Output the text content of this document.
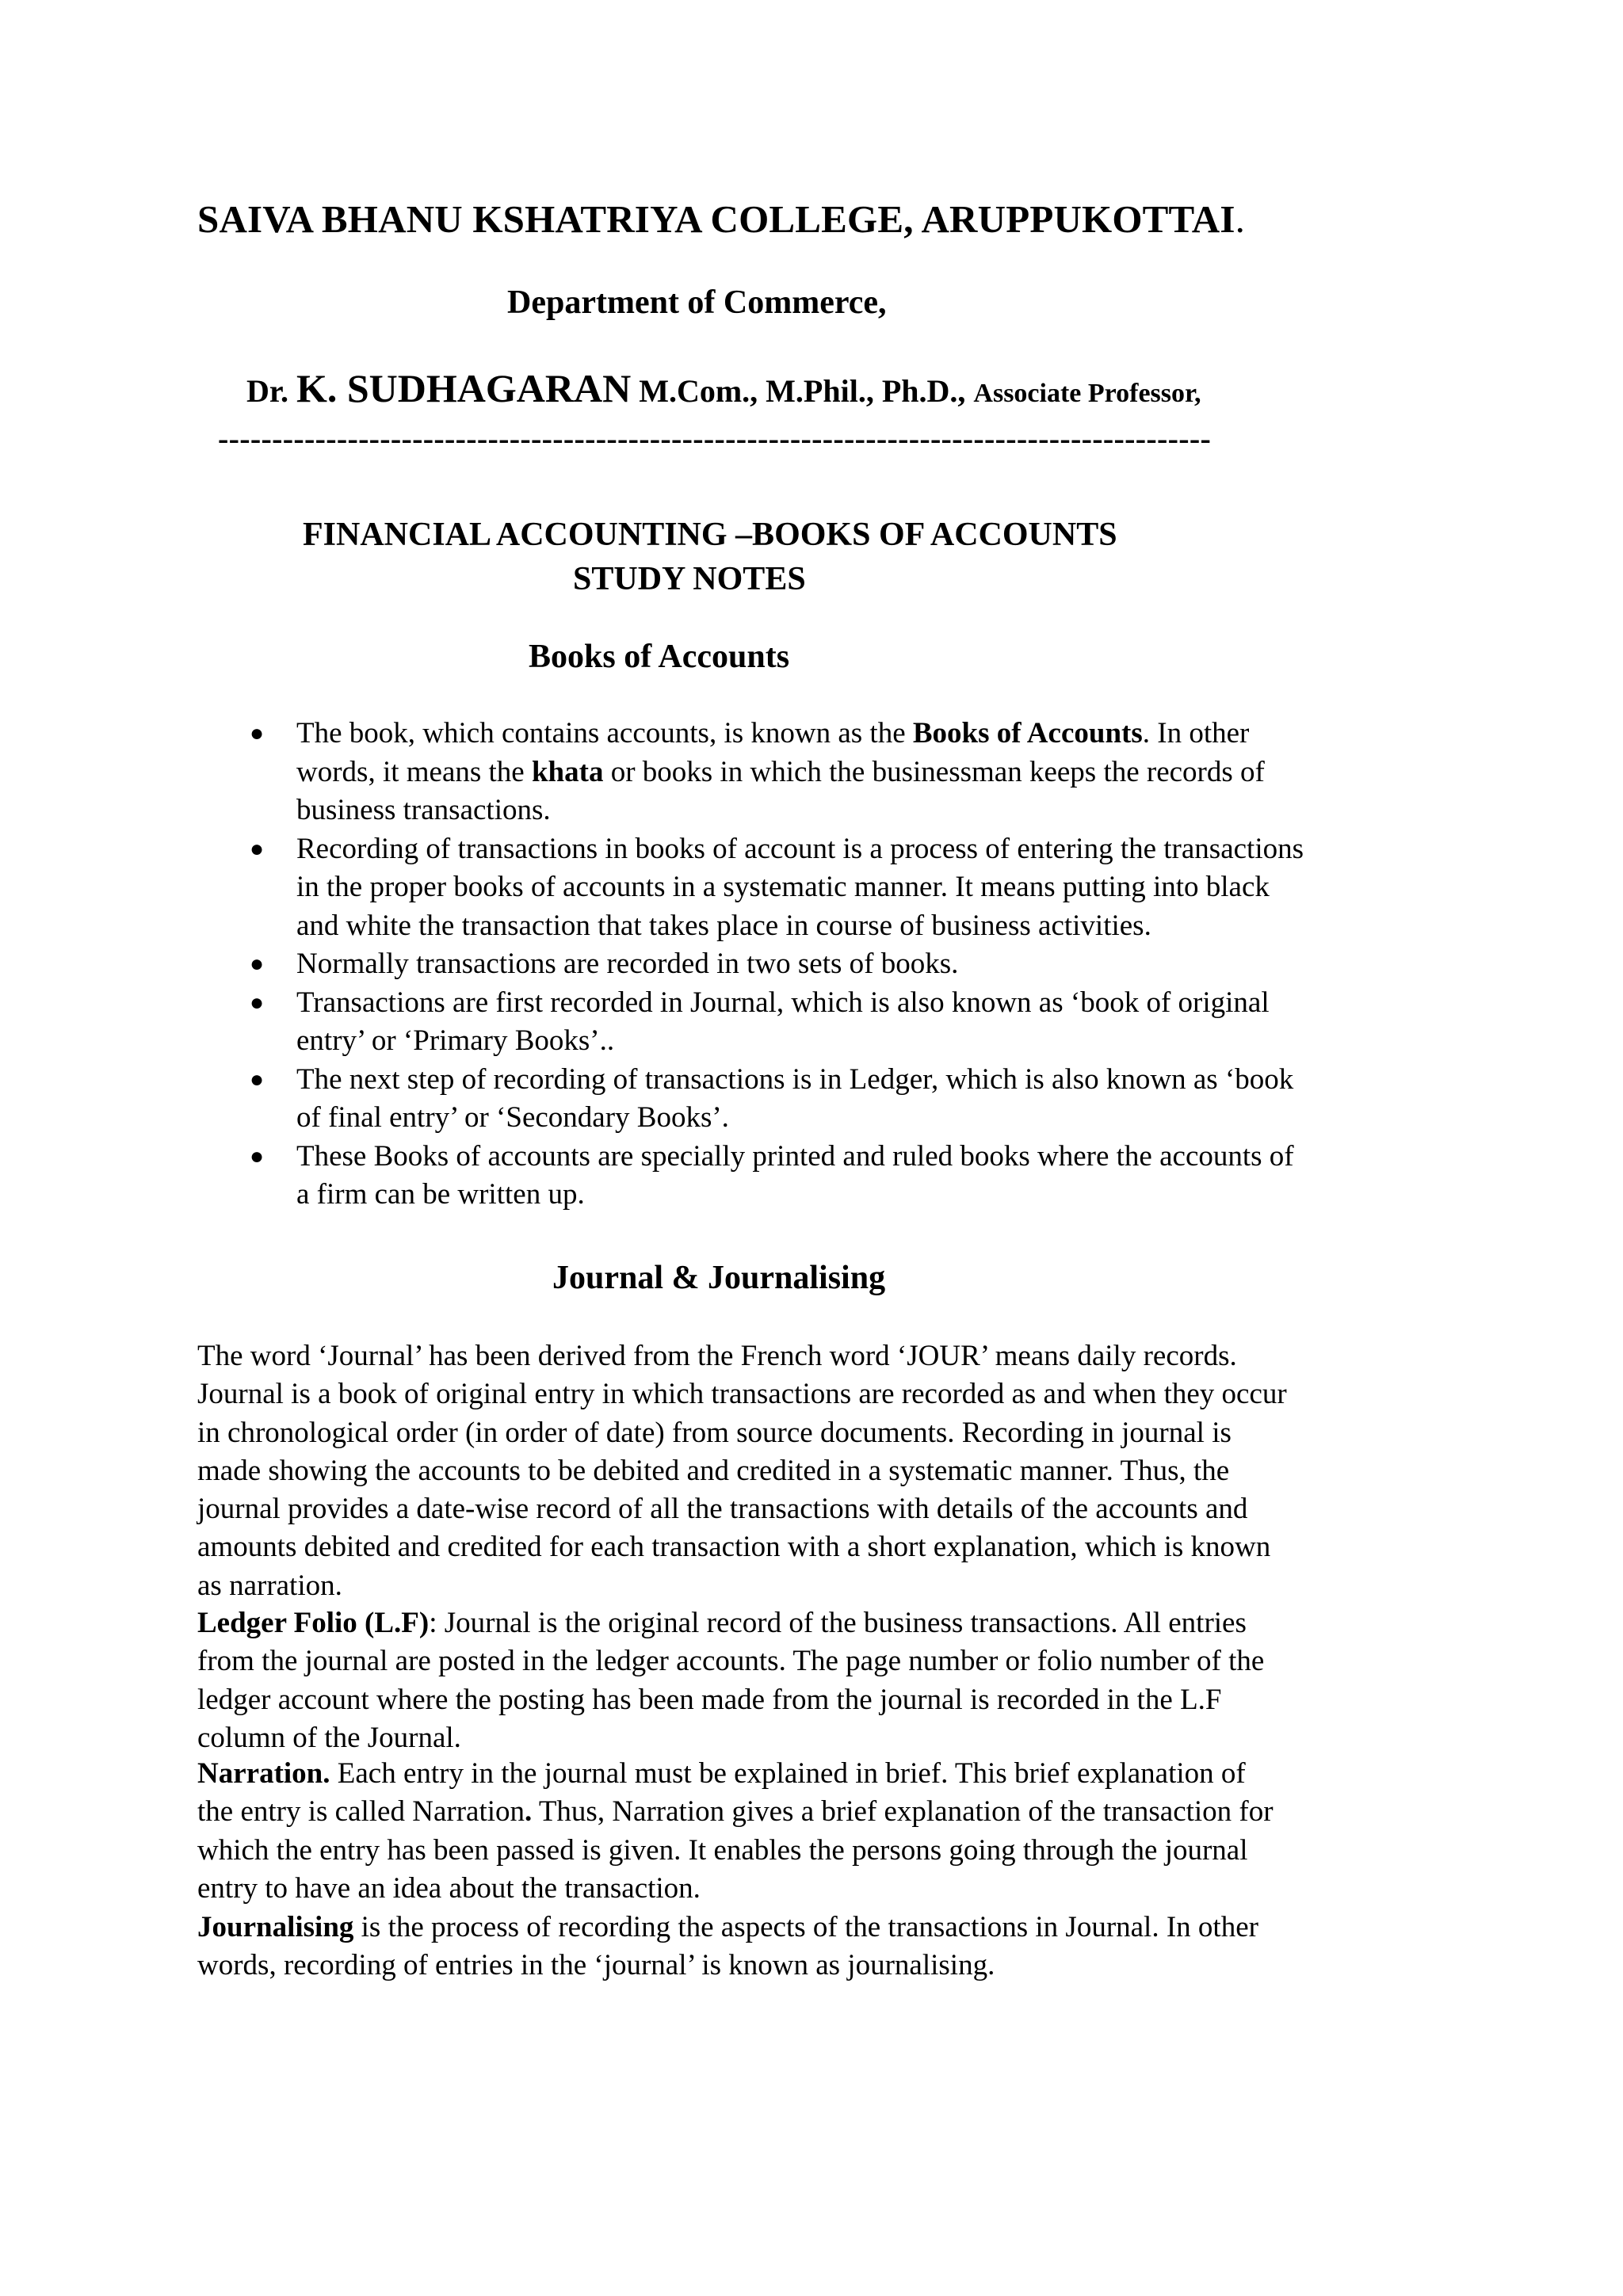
SAIVA BHANU KSHATRIYA COLLEGE, ARUPPUKOTTAI.
Department of Commerce,
Dr. K. SUDHAGARAN M.Com., M.Phil., Ph.D., Associate Professor,
--------------------------------------------------------------------------------------------
FINANCIAL ACCOUNTING –BOOKS OF ACCOUNTS
STUDY NOTES
Books of Accounts
● The book, which contains accounts, is known as the Books of Accounts. In other
words, it means the khata or books in which the businessman keeps the records of
business transactions.
● Recording of transactions in books of account is a process of entering the transactions
in the proper books of accounts in a systematic manner. It means putting into black
and white the transaction that takes place in course of business activities.
● Normally transactions are recorded in two sets of books.
● Transactions are first recorded in Journal, which is also known as ‘book of original
entry’ or ‘Primary Books’..
● The next step of recording of transactions is in Ledger, which is also known as ‘book
of final entry’ or ‘Secondary Books’.
● These Books of accounts are specially printed and ruled books where the accounts of
a firm can be written up.
Journal & Journalising
The word ‘Journal’ has been derived from the French word ‘JOUR’ means daily records.
Journal is a book of original entry in which transactions are recorded as and when they occur
in chronological order (in order of date) from source documents. Recording in journal is
made showing the accounts to be debited and credited in a systematic manner. Thus, the
journal provides a date-wise record of all the transactions with details of the accounts and
amounts debited and credited for each transaction with a short explanation, which is known
as narration.
Ledger Folio (L.F): Journal is the original record of the business transactions. All entries
from the journal are posted in the ledger accounts. The page number or folio number of the
ledger account where the posting has been made from the journal is recorded in the L.F
column of the Journal.
Narration. Each entry in the journal must be explained in brief. This brief explanation of
the entry is called Narration. Thus, Narration gives a brief explanation of the transaction for
which the entry has been passed is given. It enables the persons going through the journal
entry to have an idea about the transaction.
Journalising is the process of recording the aspects of the transactions in Journal. In other
words, recording of entries in the ‘journal’ is known as journalising.
